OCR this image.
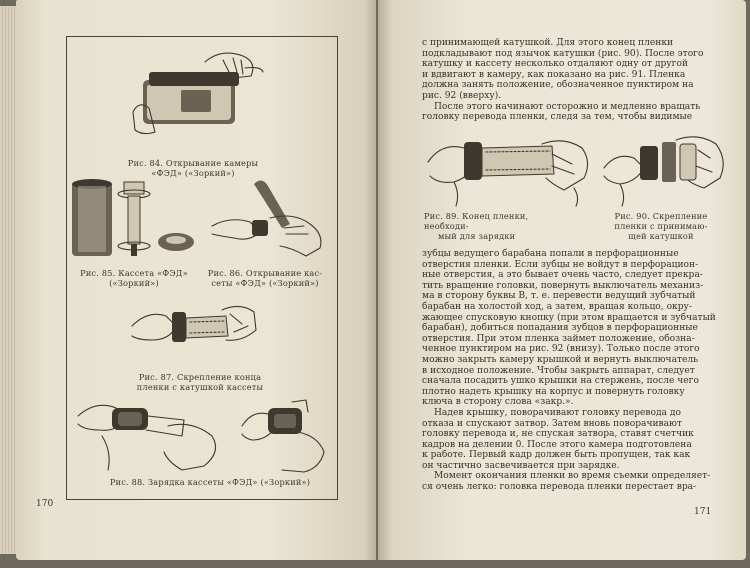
Рис. 84. Открывание камеры
«ФЭД» («Зоркий»)
Рис. 85. Кассета «ФЭД»
(«Зоркий»)
Рис. 86. Открывание кас-
сеты «ФЭД» («Зоркий»)
Рис. 87. Скрепление конца
пленки с катушкой кассеты
Рис. 88. Зарядка кассеты «ФЭД» («Зоркий»)
170

с принимающей катушкой. Для этого конец пленки

подкладывают под язычок катушки (рис. 90). После этого

катушку и кассету несколько отдаляют одну от другой

и вдвигают в камеру, как показано на рис. 91. Пленка

должна занять положение, обозначенное пунктиром на

рис. 92 (вверху).

После этого начинают осторожно и медленно вращать

головку перевода пленки, следя за тем, чтобы видимые

Рис. 89. Конец пленки, необходи-
мый для зарядки
Рис. 90. Скрепление
пленки с принимаю-
щей катушкой

зубцы ведущего барабана попали в перфорационные

отверстия пленки. Если зубцы не войдут в перфорацион-

ные отверстия, а это бывает очень часто, следует прекра-

тить вращение головки, повернуть выключатель механиз-

ма в сторону буквы В, т. е. перевести ведущий зубчатый

барабан на холостой ход, а затем, вращая кольцо, окру-

жающее спусковую кнопку (при этом вращается и зубчатый

барабан), добиться попадания зубцов в перфорационные

отверстия. При этом пленка займет положение, обозна-

ченное пунктиром на рис. 92 (внизу). Только после этого

можно закрыть камеру крышкой и вернуть выключатель

в исходное положение. Чтобы закрыть аппарат, следует

сначала посадить ушко крышки на стержень, после чего

плотно надеть крышку на корпус и повернуть головку

ключа в сторону слова «закр.».

Надев крышку, поворачивают головку перевода до

отказа и спускают затвор. Затем вновь поворачивают

головку перевода и, не спуская затвора, ставят счетчик

кадров на делении 0. После этого камера подготовлена

к работе. Первый кадр должен быть пропущен, так как

он частично засвечивается при зарядке.

Момент окончания пленки во время съемки определяет-

ся очень легко: головка перевода пленки перестает вра-

171
